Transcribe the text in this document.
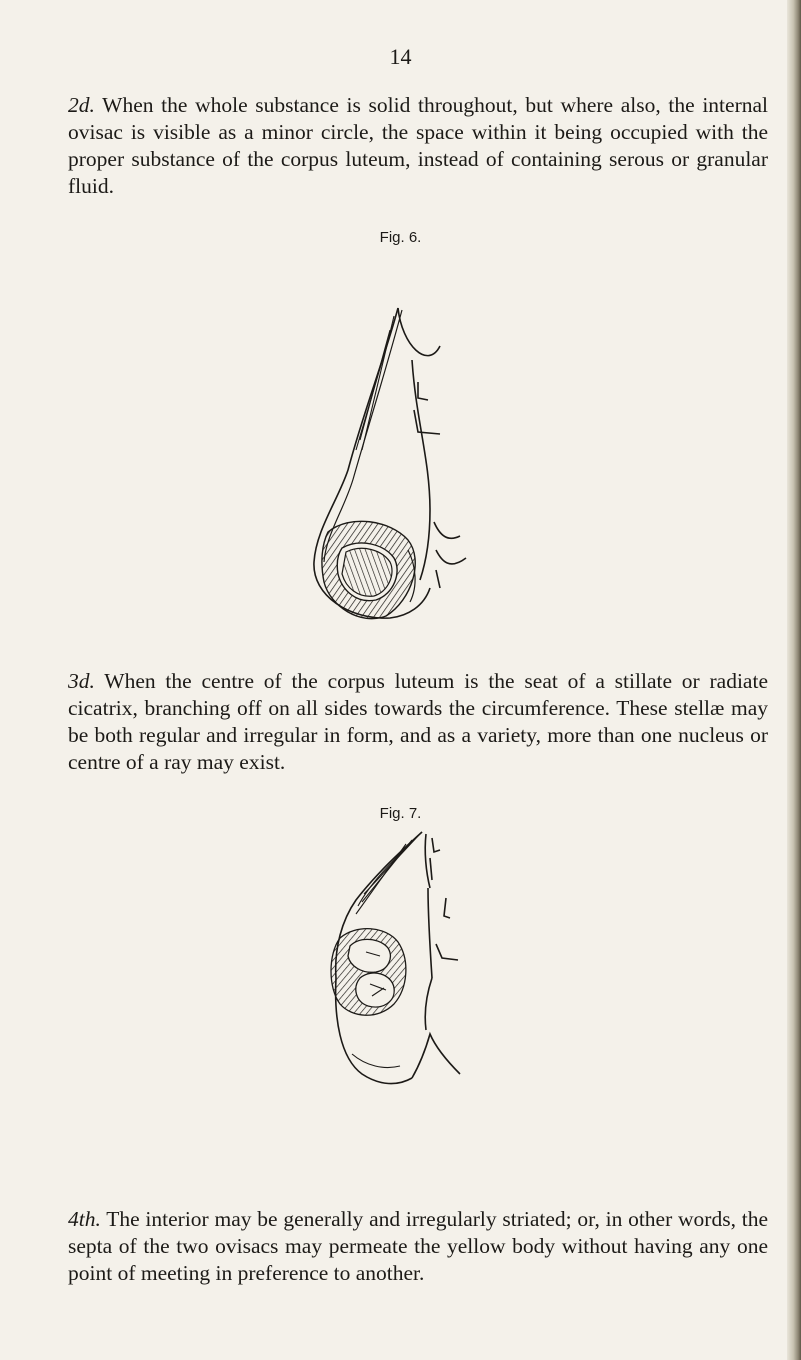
14

2d. When the whole substance is solid throughout, but where also, the internal ovisac is visible as a minor circle, the space within it being occupied with the proper substance of the corpus luteum, instead of containing serous or granular fluid.

Fig. 6.

3d. When the centre of the corpus luteum is the seat of a stillate or radiate cicatrix, branching off on all sides towards the circumference. These stellæ may be both regular and irregular in form, and as a variety, more than one nucleus or centre of a ray may exist.

Fig. 7.

4th. The interior may be generally and irregularly striated; or, in other words, the septa of the two ovisacs may permeate the yellow body without having any one point of meeting in preference to another.
